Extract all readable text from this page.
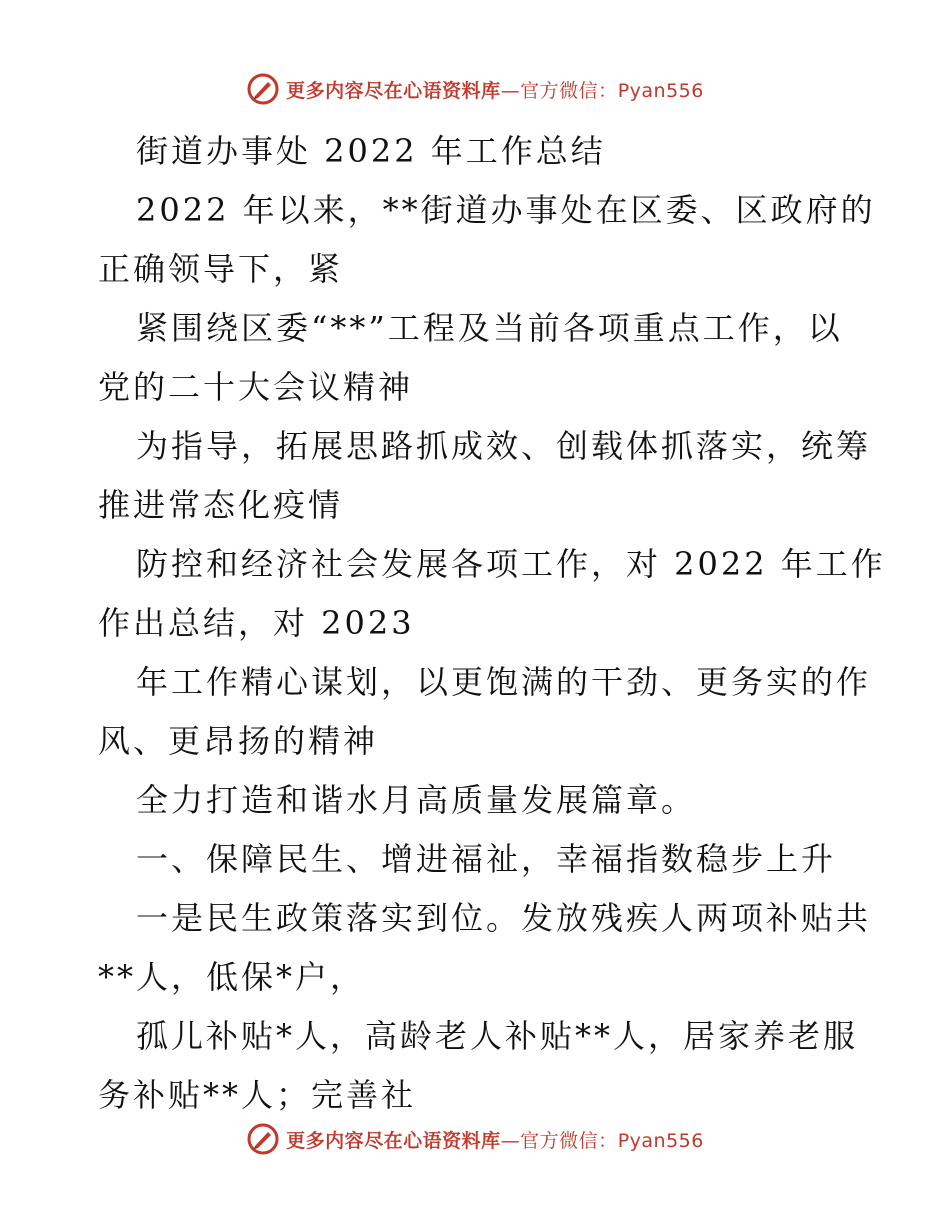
更多内容尽在心语资料库—官方微信：Pyan556
街道办事处 2022 年工作总结
2022 年以来，**街道办事处在区委、区政府的
正确领导下，紧
紧围绕区委“**”工程及当前各项重点工作，以
党的二十大会议精神
为指导，拓展思路抓成效、创载体抓落实，统筹
推进常态化疫情
防控和经济社会发展各项工作，对 2022 年工作
作出总结，对 2023
年工作精心谋划，以更饱满的干劲、更务实的作
风、更昂扬的精神
全力打造和谐水月高质量发展篇章。
一、保障民生、增进福祉，幸福指数稳步上升
一是民生政策落实到位。发放残疾人两项补贴共
**人，低保*户，
孤儿补贴*人，高龄老人补贴**人，居家养老服
务补贴**人；完善社
更多内容尽在心语资料库—官方微信：Pyan556
